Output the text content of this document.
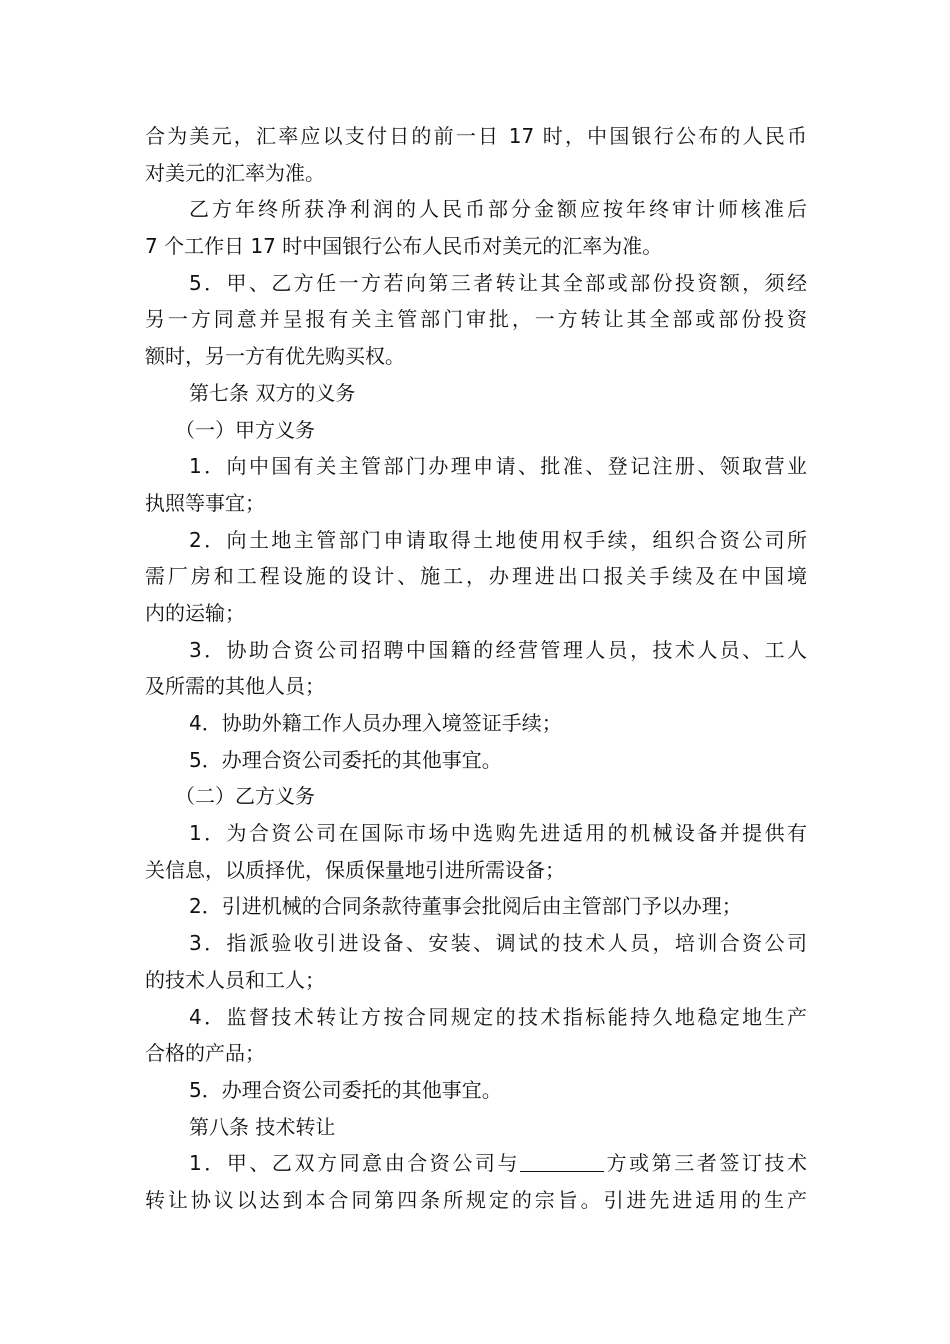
合为美元，汇率应以支付日的前一日 17 时，中国银行公布的人民币
对美元的汇率为准。
乙方年终所获净利润的人民币部分金额应按年终审计师核准后
7 个工作日 17 时中国银行公布人民币对美元的汇率为准。
5．甲、乙方任一方若向第三者转让其全部或部份投资额，须经
另一方同意并呈报有关主管部门审批，一方转让其全部或部份投资
额时，另一方有优先购买权。
第七条 双方的义务
（一）甲方义务
1．向中国有关主管部门办理申请、批准、登记注册、领取营业
执照等事宜；
2．向土地主管部门申请取得土地使用权手续，组织合资公司所
需厂房和工程设施的设计、施工，办理进出口报关手续及在中国境
内的运输；
3．协助合资公司招聘中国籍的经营管理人员，技术人员、工人
及所需的其他人员；
4．协助外籍工作人员办理入境签证手续；
5．办理合资公司委托的其他事宜。
（二）乙方义务
1．为合资公司在国际市场中选购先进适用的机械设备并提供有
关信息，以质择优，保质保量地引进所需设备；
2．引进机械的合同条款待董事会批阅后由主管部门予以办理；
3．指派验收引进设备、安装、调试的技术人员，培训合资公司
的技术人员和工人；
4．监督技术转让方按合同规定的技术指标能持久地稳定地生产
合格的产品；
5．办理合资公司委托的其他事宜。
第八条 技术转让
1．甲、乙双方同意由合资公司与	方或第三者签订技术
转让协议以达到本合同第四条所规定的宗旨。引进先进适用的生产
